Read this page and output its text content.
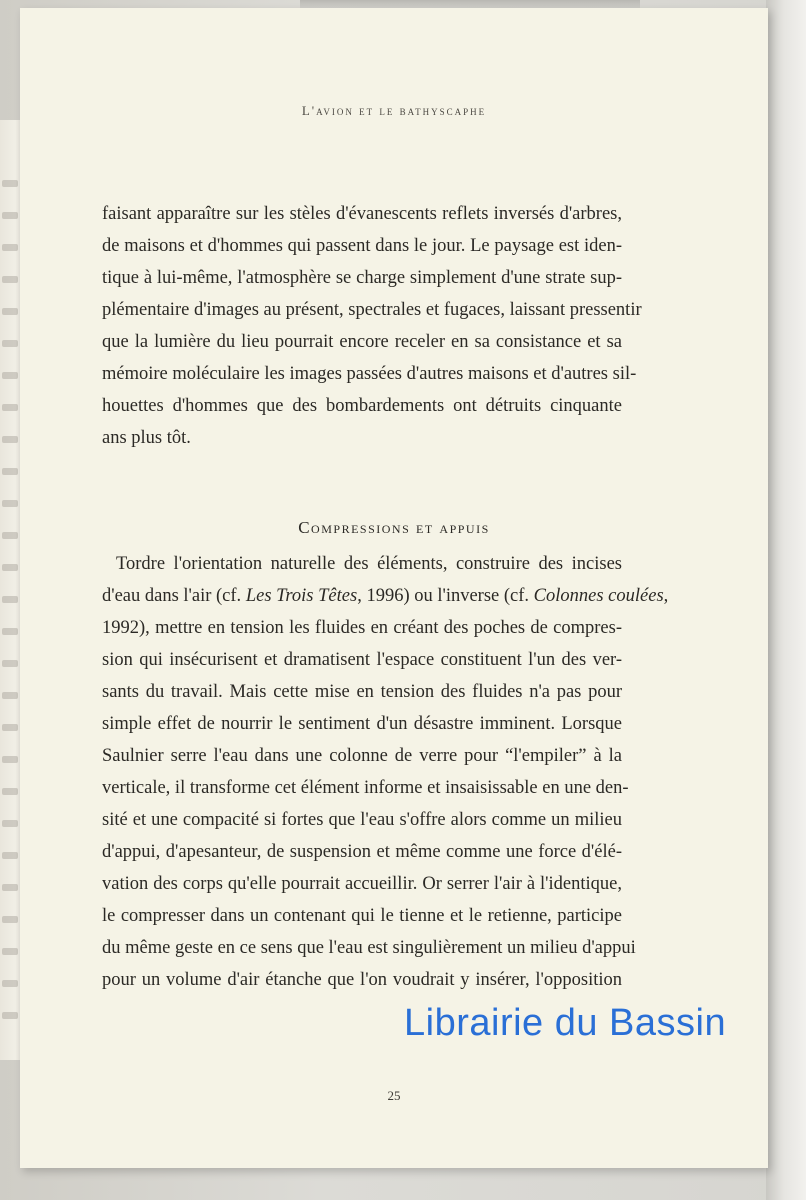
L'avion et le bathyscaphe
faisant apparaître sur les stèles d'évanescents reflets inversés d'arbres,
de maisons et d'hommes qui passent dans le jour. Le paysage est iden-
tique à lui-même, l'atmosphère se charge simplement d'une strate sup-
plémentaire d'images au présent, spectrales et fugaces, laissant pressentir
que la lumière du lieu pourrait encore receler en sa consistance et sa
mémoire moléculaire les images passées d'autres maisons et d'autres sil-
houettes d'hommes que des bombardements ont détruits cinquante
ans plus tôt.
Compressions et appuis
Tordre l'orientation naturelle des éléments, construire des incises
d'eau dans l'air (cf. Les Trois Têtes, 1996) ou l'inverse (cf. Colonnes coulées,
1992), mettre en tension les fluides en créant des poches de compres-
sion qui insécurisent et dramatisent l'espace constituent l'un des ver-
sants du travail. Mais cette mise en tension des fluides n'a pas pour
simple effet de nourrir le sentiment d'un désastre imminent. Lorsque
Saulnier serre l'eau dans une colonne de verre pour “l'empiler” à la
verticale, il transforme cet élément informe et insaisissable en une den-
sité et une compacité si fortes que l'eau s'offre alors comme un milieu
d'appui, d'apesanteur, de suspension et même comme une force d'élé-
vation des corps qu'elle pourrait accueillir. Or serrer l'air à l'identique,
le compresser dans un contenant qui le tienne et le retienne, participe
du même geste en ce sens que l'eau est singulièrement un milieu d'appui
pour un volume d'air étanche que l'on voudrait y insérer, l'opposition
25
Librairie du Bassin
